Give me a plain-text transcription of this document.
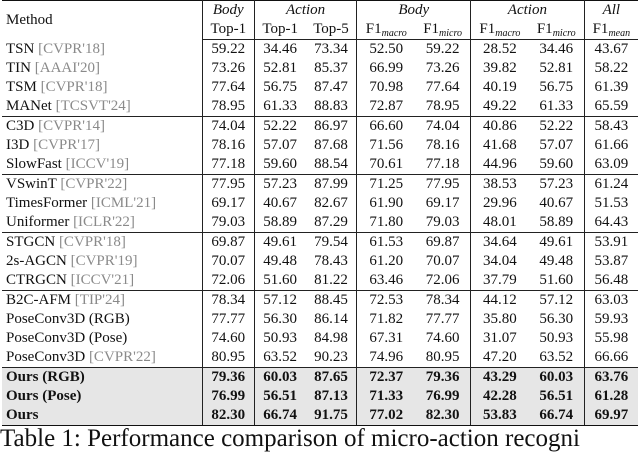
Method	Body	Action		Body		Action		All
	Top-1	Top-1	Top-5	$F1_{macro}$	$F1_{micro}$	$F1_{macro}$	$F1_{micro}$	$F1_{mean}$
TSN [CVPR'18]	59.22	34.46	73.34	52.50	59.22	28.52	34.46	43.67
TIN [AAAI'20]	73.26	52.81	85.37	66.99	73.26	39.82	52.81	58.22
TSM [CVPR'18]	77.64	56.75	87.47	70.98	77.64	40.19	56.75	61.39
MANet [TCSVT'24]	78.95	61.33	88.83	72.87	78.95	49.22	61.33	65.59
C3D [CVPR'14]	74.04	52.22	86.97	66.60	74.04	40.86	52.22	58.43
I3D [CVPR'17]	78.16	57.07	87.68	71.56	78.16	41.68	57.07	61.66
SlowFast [ICCV'19]	77.18	59.60	88.54	70.61	77.18	44.96	59.60	63.09
VSwinT [CVPR'22]	77.95	57.23	87.99	71.25	77.95	38.53	57.23	61.24
TimesFormer [ICML'21]	69.17	40.67	82.67	61.90	69.17	29.96	40.67	51.53
Uniformer [ICLR'22]	79.03	58.89	87.29	71.80	79.03	48.01	58.89	64.43
STGCN [CVPR'18]	69.87	49.61	79.54	61.53	69.87	34.64	49.61	53.91
2s-AGCN [CVPR'19]	70.07	49.48	78.43	61.20	70.07	34.04	49.48	53.87
CTRGCN [ICCV'21]	72.06	51.60	81.22	63.46	72.06	37.79	51.60	56.48
B2C-AFM [TIP'24]	78.34	57.12	88.45	72.53	78.34	44.12	57.12	63.03
PoseConv3D (RGB)	77.77	56.30	86.14	71.82	77.77	35.80	56.30	59.93
PoseConv3D (Pose)	74.60	50.93	84.98	67.31	74.60	31.07	50.93	55.98
PoseConv3D [CVPR'22]	80.95	63.52	90.23	74.96	80.95	47.20	63.52	66.66
Ours (RGB)	79.36	60.03	87.65	72.37	79.36	43.29	60.03	63.76
Ours (Pose)	76.99	56.51	87.13	71.33	76.99	42.28	56.51	61.28
Ours	82.30	66.74	91.75	77.02	82.30	53.83	66.74	69.97
Table 1: Performance comparison of micro-action recogni
